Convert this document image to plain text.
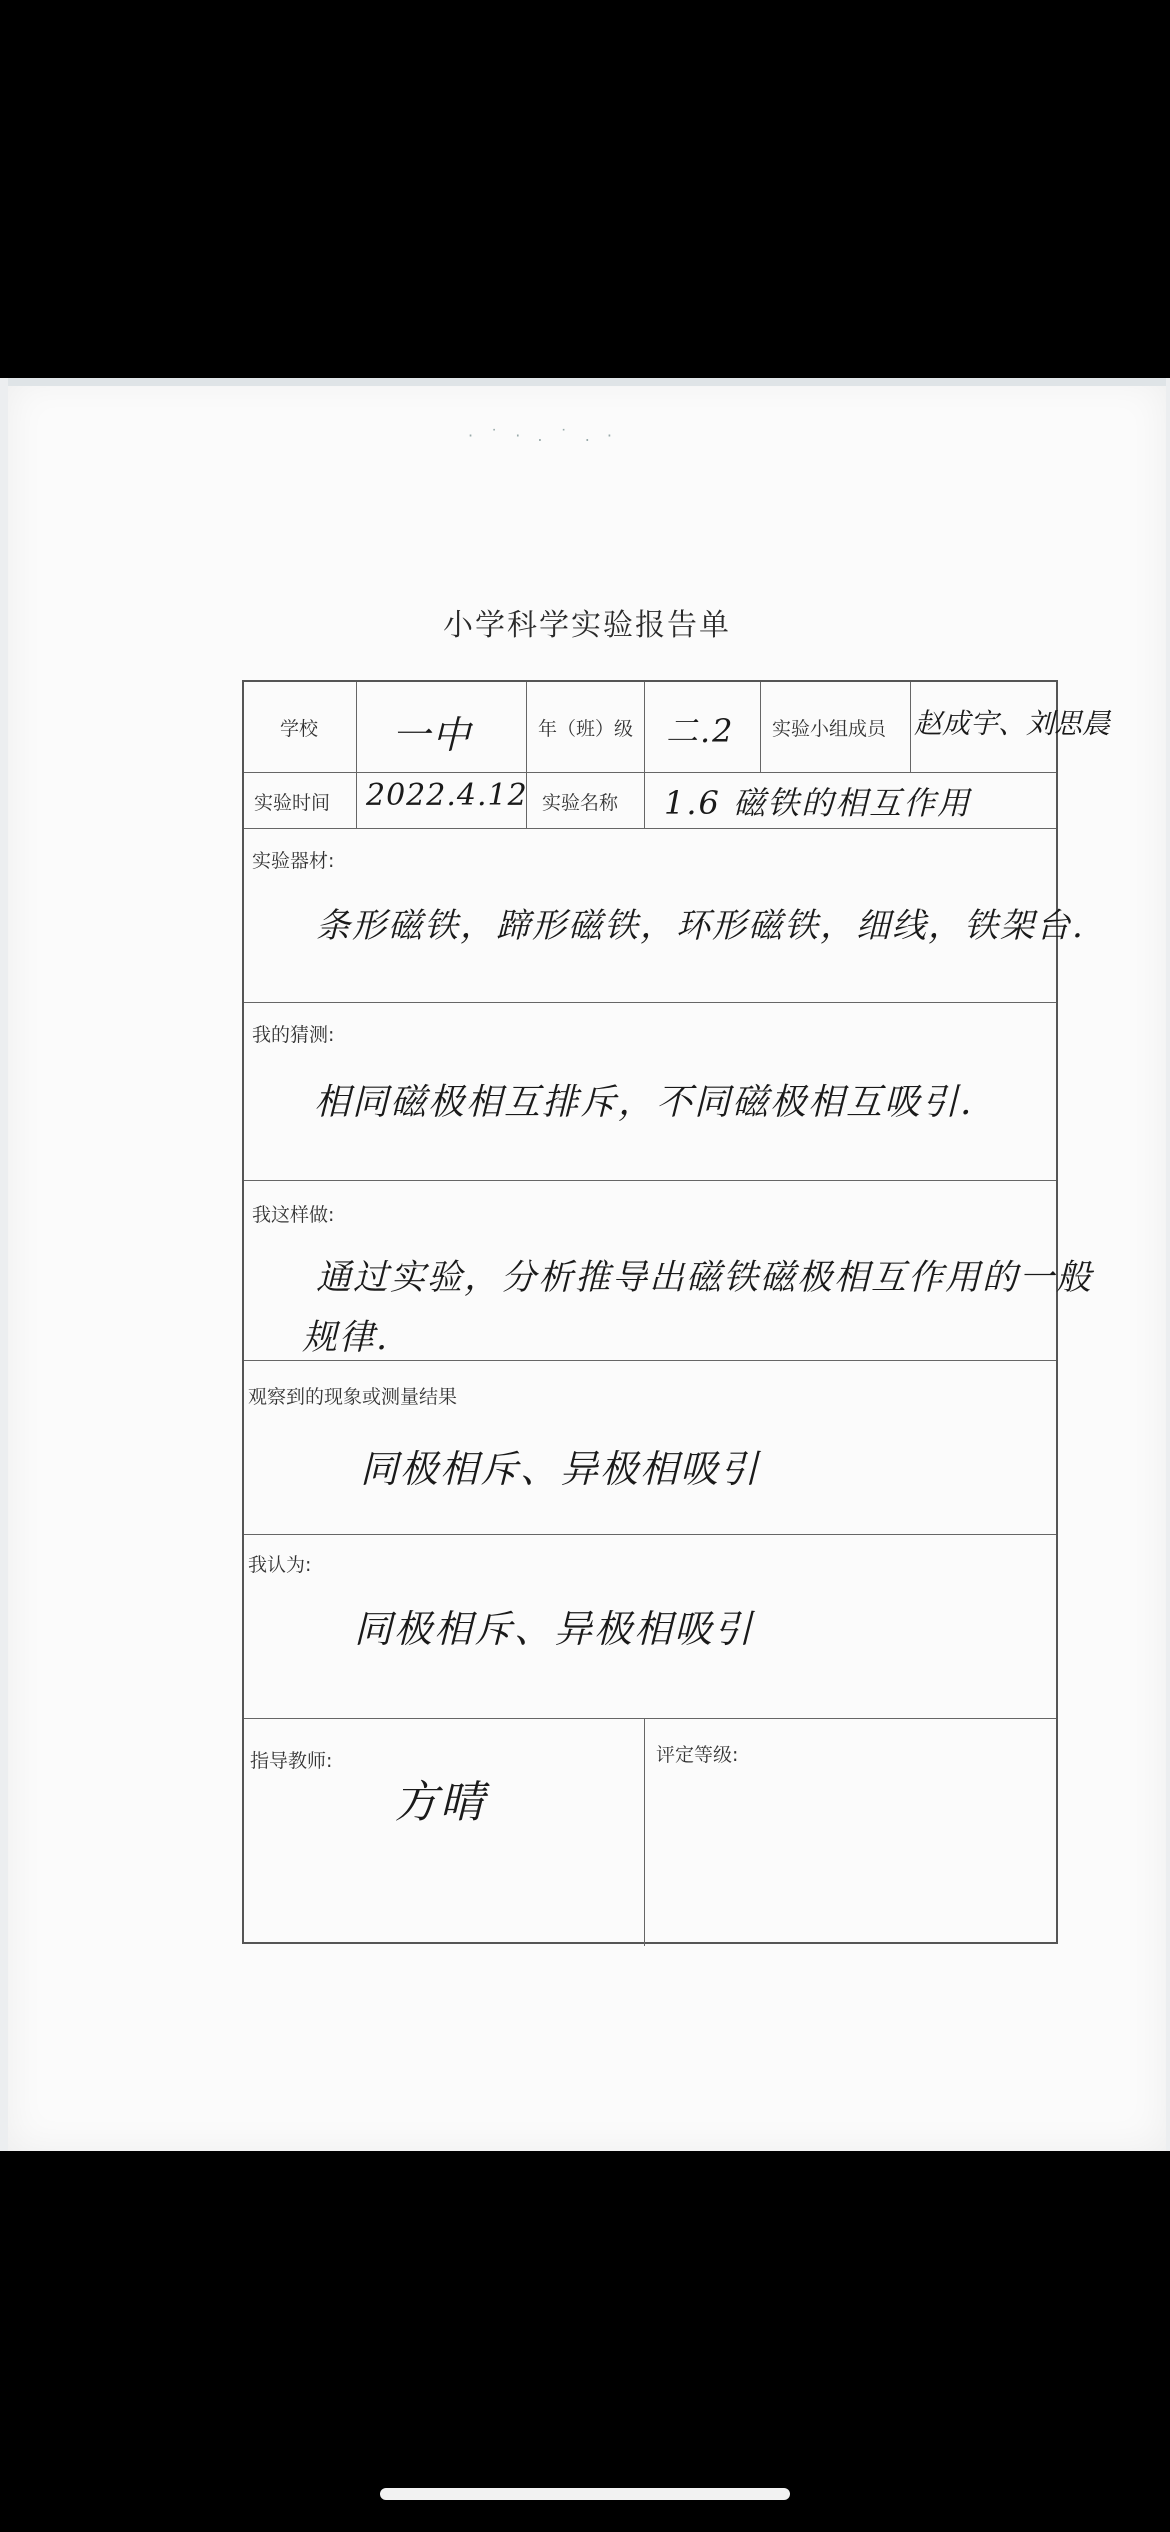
· ˙ · . ˙ . ·
小学科学实验报告单
学校 一中	年（班）级 二.2 实验小组成员 赵成宇、刘思晨
实验时间 2022.4.12 实验名称 1.6 磁铁的相互作用
实验器材:
条形磁铁，蹄形磁铁，环形磁铁，细线，铁架台.
我的猜测:
相同磁极相互排斥，不同磁极相互吸引.
我这样做:
通过实验，分析推导出磁铁磁极相互作用的一般
规律.
观察到的现象或测量结果
同极相斥、异极相吸引
我认为:
同极相斥、异极相吸引
指导教师:
方晴
评定等级:
